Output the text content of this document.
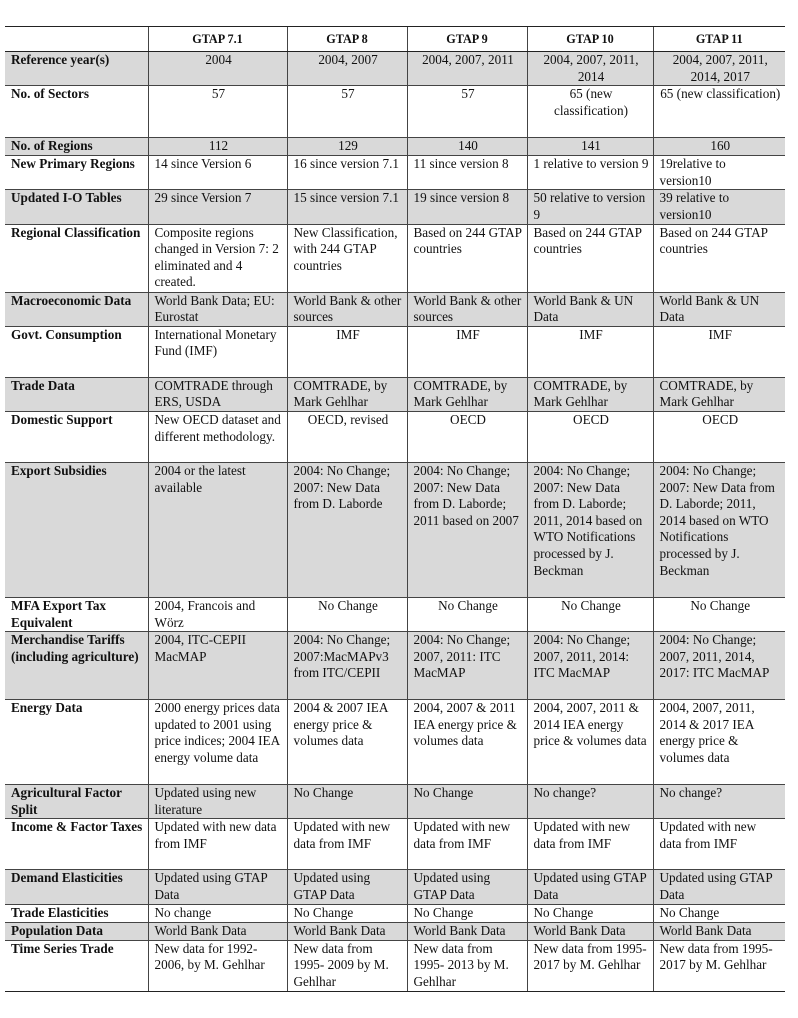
	GTAP 7.1	GTAP 8	GTAP 9	GTAP 10	GTAP 11
Reference year(s)	2004	2004, 2007	2004, 2007, 2011	2004, 2007, 2011, 2014	2004, 2007, 2011, 2014, 2017
No. of Sectors	57	57	57	65 (new classification)	65 (new classification)
No. of Regions	112	129	140	141	160
New Primary Regions	14 since Version 6	16 since version 7.1	11 since version 8	1 relative to version 9	19relative to version10
Updated I-O Tables	29 since Version 7	15 since version 7.1	19 since version 8	50 relative to version 9	39 relative to version10
Regional Classification	Composite regions changed in Version 7: 2 eliminated and 4 created.	New Classification, with 244 GTAP countries	Based on 244 GTAP countries	Based on 244 GTAP countries	Based on 244 GTAP countries
Macroeconomic Data	World Bank Data; EU: Eurostat	World Bank & other sources	World Bank & other sources	World Bank & UN Data	World Bank & UN Data
Govt. Consumption	International Monetary Fund (IMF)	IMF	IMF	IMF	IMF
Trade Data	COMTRADE through ERS, USDA	COMTRADE, by Mark Gehlhar	COMTRADE, by Mark Gehlhar	COMTRADE, by Mark Gehlhar	COMTRADE, by Mark Gehlhar
Domestic Support	New OECD dataset and different methodology.	OECD, revised	OECD	OECD	OECD
Export Subsidies	2004 or the latest available	2004: No Change; 2007: New Data from D. Laborde	2004: No Change; 2007: New Data from D. Laborde; 2011 based on 2007	2004: No Change; 2007: New Data from D. Laborde; 2011, 2014 based on WTO Notifications processed by J. Beckman	2004: No Change; 2007: New Data from D. Laborde; 2011, 2014 based on WTO Notifications processed by J. Beckman
MFA Export Tax Equivalent	2004, Francois and Wörz	No Change	No Change	No Change	No Change
Merchandise Tariffs (including agriculture)	2004, ITC-CEPII MacMAP	2004: No Change; 2007:MacMAPv3 from ITC/CEPII	2004: No Change; 2007, 2011: ITC MacMAP	2004: No Change; 2007, 2011, 2014: ITC MacMAP	2004: No Change; 2007, 2011, 2014, 2017: ITC MacMAP
Energy Data	2000 energy prices data updated to 2001 using price indices; 2004 IEA energy volume data	2004 & 2007 IEA energy price & volumes data	2004, 2007 & 2011 IEA energy price & volumes data	2004, 2007, 2011 & 2014 IEA energy price & volumes data	2004, 2007, 2011, 2014 & 2017 IEA energy price & volumes data
Agricultural Factor Split	Updated using new literature	No Change	No Change	No change?	No change?
Income & Factor Taxes	Updated with new data from IMF	Updated with new data from IMF	Updated with new data from IMF	Updated with new data from IMF	Updated with new data from IMF
Demand Elasticities	Updated using GTAP Data	Updated using GTAP Data	Updated using GTAP Data	Updated using GTAP Data	Updated using GTAP Data
Trade Elasticities	No change	No Change	No Change	No Change	No Change
Population Data	World Bank Data	World Bank Data	World Bank Data	World Bank Data	World Bank Data
Time Series Trade	New data for 1992-2006, by M. Gehlhar	New data from 1995- 2009 by M. Gehlhar	New data from 1995- 2013 by M. Gehlhar	New data from 1995- 2017 by M. Gehlhar	New data from 1995- 2017 by M. Gehlhar
